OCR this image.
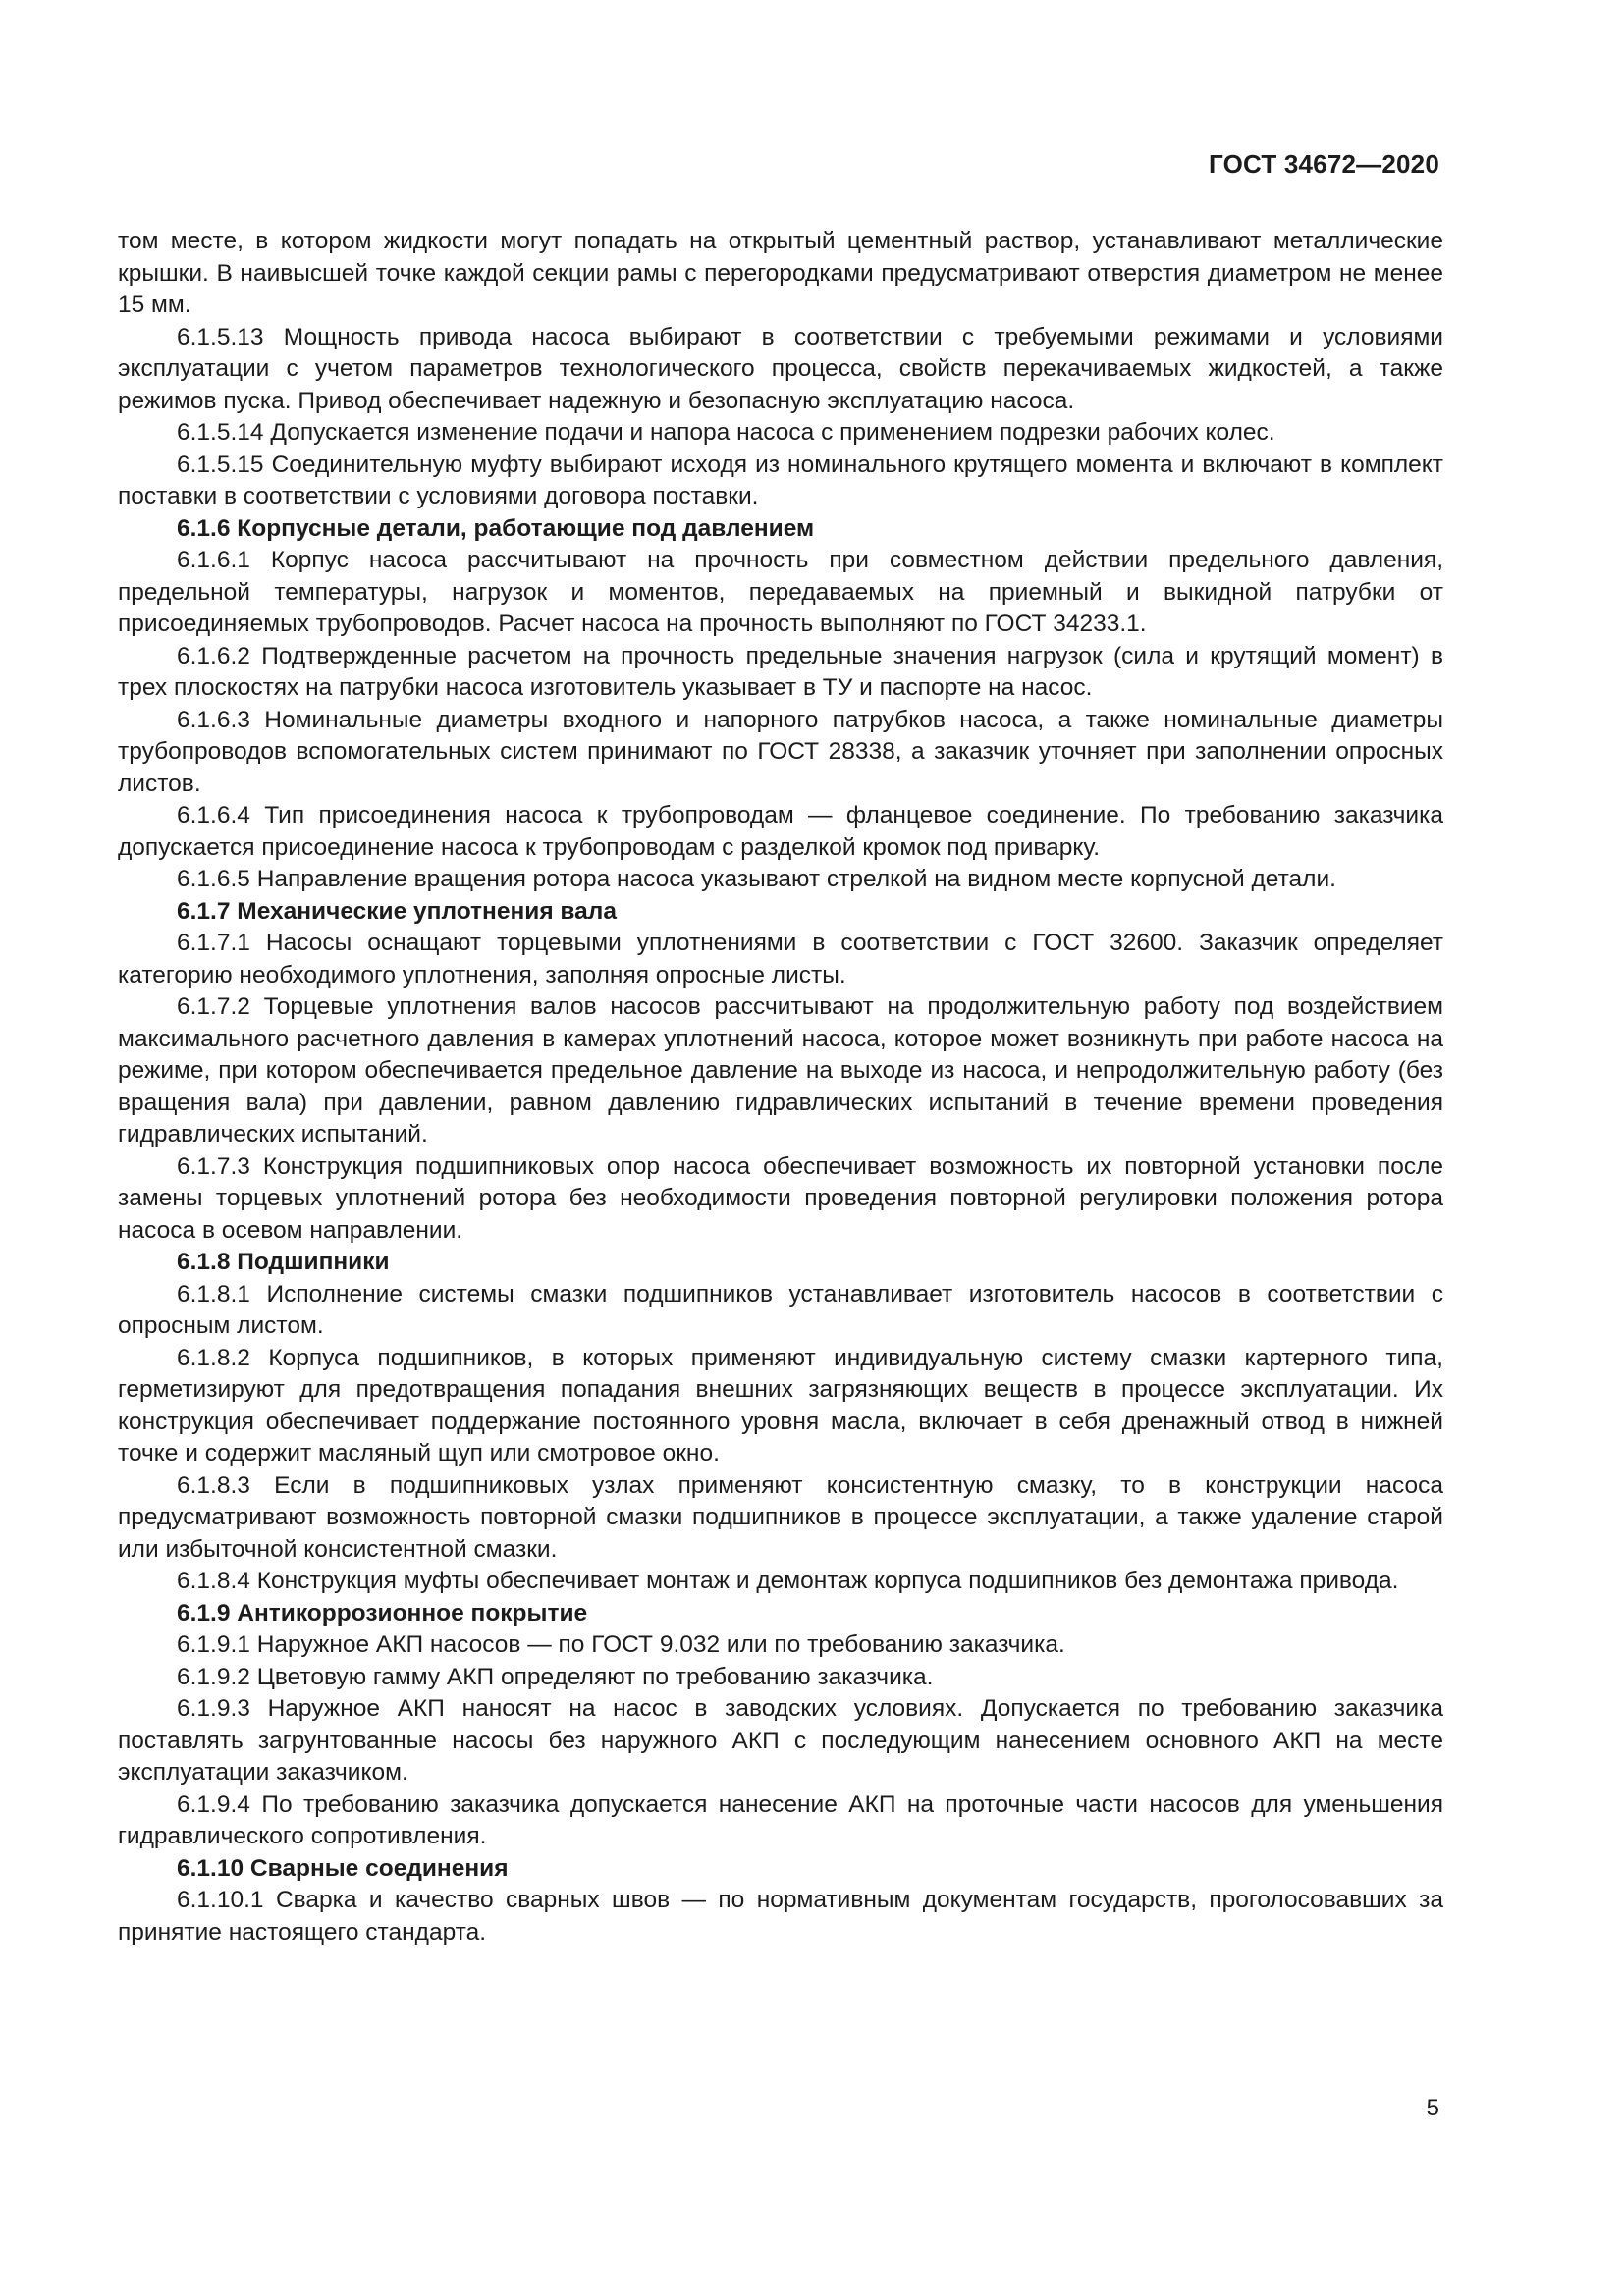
ГОСТ 34672—2020

том месте, в котором жидкости могут попадать на открытый цементный раствор, устанавливают металлические крышки. В наивысшей точке каждой секции рамы с перегородками предусматривают отверстия диаметром не менее 15 мм.

6.1.5.13 Мощность привода насоса выбирают в соответствии с требуемыми режимами и условиями эксплуатации с учетом параметров технологического процесса, свойств перекачиваемых жидкостей, а также режимов пуска. Привод обеспечивает надежную и безопасную эксплуатацию насоса.

6.1.5.14 Допускается изменение подачи и напора насоса с применением подрезки рабочих колес.

6.1.5.15 Соединительную муфту выбирают исходя из номинального крутящего момента и включают в комплект поставки в соответствии с условиями договора поставки.

6.1.6 Корпусные детали, работающие под давлением

6.1.6.1 Корпус насоса рассчитывают на прочность при совместном действии предельного давления, предельной температуры, нагрузок и моментов, передаваемых на приемный и выкидной патрубки от присоединяемых трубопроводов. Расчет насоса на прочность выполняют по ГОСТ 34233.1.

6.1.6.2 Подтвержденные расчетом на прочность предельные значения нагрузок (сила и крутящий момент) в трех плоскостях на патрубки насоса изготовитель указывает в ТУ и паспорте на насос.

6.1.6.3 Номинальные диаметры входного и напорного патрубков насоса, а также номинальные диаметры трубопроводов вспомогательных систем принимают по ГОСТ 28338, а заказчик уточняет при заполнении опросных листов.

6.1.6.4 Тип присоединения насоса к трубопроводам — фланцевое соединение. По требованию заказчика допускается присоединение насоса к трубопроводам с разделкой кромок под приварку.

6.1.6.5 Направление вращения ротора насоса указывают стрелкой на видном месте корпусной детали.

6.1.7 Механические уплотнения вала

6.1.7.1 Насосы оснащают торцевыми уплотнениями в соответствии с ГОСТ 32600. Заказчик определяет категорию необходимого уплотнения, заполняя опросные листы.

6.1.7.2 Торцевые уплотнения валов насосов рассчитывают на продолжительную работу под воздействием максимального расчетного давления в камерах уплотнений насоса, которое может возникнуть при работе насоса на режиме, при котором обеспечивается предельное давление на выходе из насоса, и непродолжительную работу (без вращения вала) при давлении, равном давлению гидравлических испытаний в течение времени проведения гидравлических испытаний.

6.1.7.3 Конструкция подшипниковых опор насоса обеспечивает возможность их повторной установки после замены торцевых уплотнений ротора без необходимости проведения повторной регулировки положения ротора насоса в осевом направлении.

6.1.8 Подшипники

6.1.8.1 Исполнение системы смазки подшипников устанавливает изготовитель насосов в соответствии с опросным листом.

6.1.8.2 Корпуса подшипников, в которых применяют индивидуальную систему смазки картерного типа, герметизируют для предотвращения попадания внешних загрязняющих веществ в процессе эксплуатации. Их конструкция обеспечивает поддержание постоянного уровня масла, включает в себя дренажный отвод в нижней точке и содержит масляный щуп или смотровое окно.

6.1.8.3 Если в подшипниковых узлах применяют консистентную смазку, то в конструкции насоса предусматривают возможность повторной смазки подшипников в процессе эксплуатации, а также удаление старой или избыточной консистентной смазки.

6.1.8.4 Конструкция муфты обеспечивает монтаж и демонтаж корпуса подшипников без демонтажа привода.

6.1.9 Антикоррозионное покрытие

6.1.9.1 Наружное АКП насосов — по ГОСТ 9.032 или по требованию заказчика.

6.1.9.2 Цветовую гамму АКП определяют по требованию заказчика.

6.1.9.3 Наружное АКП наносят на насос в заводских условиях. Допускается по требованию заказчика поставлять загрунтованные насосы без наружного АКП с последующим нанесением основного АКП на месте эксплуатации заказчиком.

6.1.9.4 По требованию заказчика допускается нанесение АКП на проточные части насосов для уменьшения гидравлического сопротивления.

6.1.10 Сварные соединения

6.1.10.1 Сварка и качество сварных швов — по нормативным документам государств, проголосовавших за принятие настоящего стандарта.

5
